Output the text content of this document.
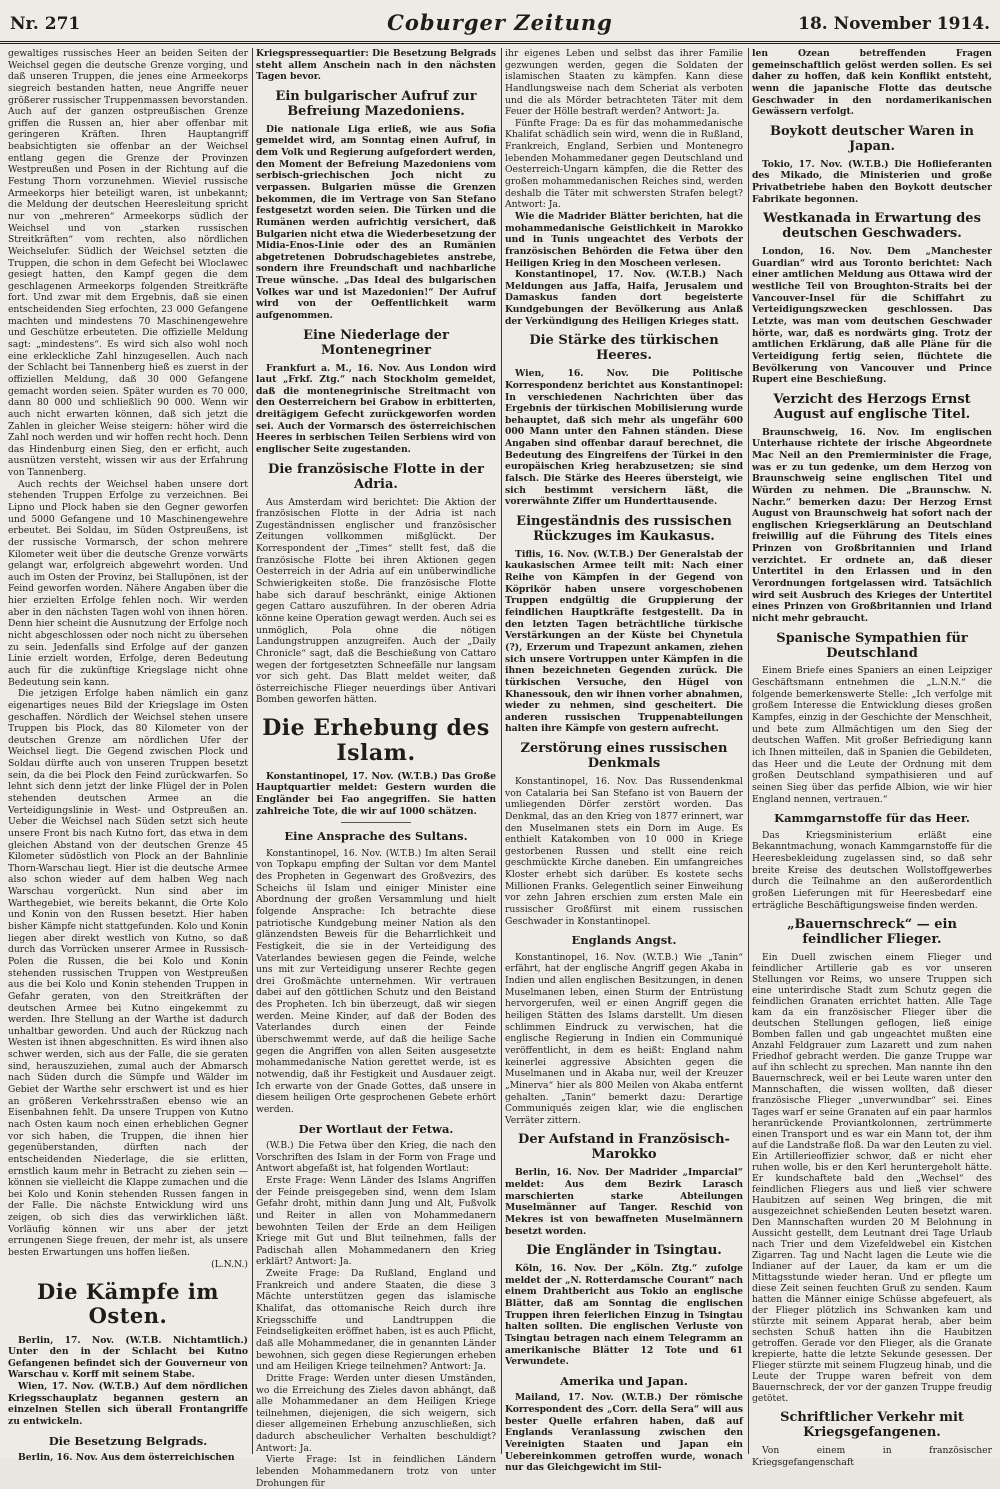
Nr. 271	Coburger Zeitung	18. November 1914.

gewaltiges russisches Heer an beiden Seiten der Weichsel gegen die deutsche Grenze vorging, und daß unseren Truppen, die jenes eine Armeekorps siegreich bestanden hatten, neue Angriffe neuer größerer russischer Truppenmassen bevorstanden. Auch auf der ganzen ostpreußischen Grenze griffen die Russen an, hier aber offenbar mit geringeren Kräften. Ihren Hauptangriff beabsichtigten sie offenbar an der Weichsel entlang gegen die Grenze der Provinzen Westpreußen und Posen in der Richtung auf die Festung Thorn vorzunehmen. Wieviel russische Armeekorps hier beteiligt waren, ist unbekannt; die Meldung der deutschen Heeresleitung spricht nur von „mehreren“ Armeekorps südlich der Weichsel und von „starken russischen Streitkräften“ vom rechten, also nördlichen Weichselufer. Südlich der Weichsel setzten die Truppen, die schon in dem Gefecht bei Wloclawec gesiegt hatten, den Kampf gegen die dem geschlagenen Armeekorps folgenden Streitkräfte fort. Und zwar mit dem Ergebnis, daß sie einen entscheidenden Sieg erfochten, 23 000 Gefangene machten und mindestens 70 Maschinengewehre und Geschütze erbeuteten. Die offizielle Meldung sagt: „mindestens“. Es wird sich also wohl noch eine erkleckliche Zahl hinzugesellen. Auch nach der Schlacht bei Tannenberg hieß es zuerst in der offiziellen Meldung, daß 30 000 Gefangene gemacht worden seien. Später wurden es 70 000, dann 80 000 und schließlich 90 000. Wenn wir auch nicht erwarten können, daß sich jetzt die Zahlen in gleicher Weise steigern: höher wird die Zahl noch werden und wir hoffen recht hoch. Denn das Hindenburg einen Sieg, den er erficht, auch ausnützen versteht, wissen wir aus der Erfahrung von Tannenberg.

Auch rechts der Weichsel haben unsere dort stehenden Truppen Erfolge zu verzeichnen. Bei Lipno und Plock haben sie den Gegner geworfen und 5000 Gefangene und 10 Maschinengewehre erbeutet. Bei Soldau, im Süden Ostpreußens, ist der russische Vormarsch, der schon mehrere Kilometer weit über die deutsche Grenze vorwärts gelangt war, erfolgreich abgewehrt worden. Und auch im Osten der Provinz, bei Stallupönen, ist der Feind geworfen worden. Nähere Angaben über die hier erzielten Erfolge fehlen noch. Wir werden aber in den nächsten Tagen wohl von ihnen hören. Denn hier scheint die Ausnutzung der Erfolge noch nicht abgeschlossen oder noch nicht zu übersehen zu sein. Jedenfalls sind Erfolge auf der ganzen Linie erzielt worden, Erfolge, deren Bedeutung auch für die zukünftige Kriegslage nicht ohne Bedeutung sein kann.

Die jetzigen Erfolge haben nämlich ein ganz eigenartiges neues Bild der Kriegslage im Osten geschaffen. Nördlich der Weichsel stehen unsere Truppen bis Plock, das 80 Kilometer von der deutschen Grenze am nördlichen Ufer der Weichsel liegt. Die Gegend zwischen Plock und Soldau dürfte auch von unseren Truppen besetzt sein, da die bei Plock den Feind zurückwarfen. So lehnt sich denn jetzt der linke Flügel der in Polen stehenden deutschen Armee an die Verteidigungslinie in West- und Ostpreußen an. Ueber die Weichsel nach Süden setzt sich heute unsere Front bis nach Kutno fort, das etwa in dem gleichen Abstand von der deutschen Grenze 45 Kilometer südöstlich von Plock an der Bahnlinie Thorn-Warschau liegt. Hier ist die deutsche Armee also schon wieder auf dem halben Weg nach Warschau vorgerückt. Nun sind aber im Warthegebiet, wie bereits bekannt, die Orte Kolo und Konin von den Russen besetzt. Hier haben bisher Kämpfe nicht stattgefunden. Kolo und Konin liegen aber direkt westlich von Kutno, so daß durch das Vorrücken unserer Armee in Russisch-Polen die Russen, die bei Kolo und Konin stehenden russischen Truppen von Westpreußen aus die bei Kolo und Konin stehenden Truppen in Gefahr geraten, von den Streitkräften der deutschen Armee bei Kutno eingekemmt zu werden. Ihre Stellung an der Warthe ist dadurch unhaltbar geworden. Und auch der Rückzug nach Westen ist ihnen abgeschnitten. Es wird ihnen also schwer werden, sich aus der Falle, die sie geraten sind, herauszuziehen, zumal auch der Abmarsch nach Süden durch die Sümpfe und Wälder im Gebiet der Warthe sehr erschwert ist und es hier an größeren Verkehrsstraßen ebenso wie an Eisenbahnen fehlt. Da unsere Truppen von Kutno nach Osten kaum noch einen erheblichen Gegner vor sich haben, die Truppen, die ihnen hier gegenüberstanden, dürften nach der entscheidenden Niederlage, die sie erlitten, ernstlich kaum mehr in Betracht zu ziehen sein — können sie vielleicht die Klappe zumachen und die bei Kolo und Konin stehenden Russen fangen in der Falle. Die nächste Entwicklung wird uns zeigen, ob sich dies das verwirklichen läßt. Vorläufig können wir uns aber der jetzt errungenen Siege freuen, der mehr ist, als unsere besten Erwartungen uns hoffen ließen.

(L.N.N.)

Die Kämpfe im Osten.

Berlin, 17. Nov. (W.T.B. Nichtamtlich.) Unter den in der Schlacht bei Kutno Gefangenen befindet sich der Gouverneur von Warschau v. Korff mit seinem Stabe.

Wien, 17. Nov. (W.T.B.) Auf dem nördlichen Kriegsschauplatz begannen gestern an einzelnen Stellen sich überall Frontangriffe zu entwickeln.

Die Besetzung Belgrads.

Berlin, 16. Nov. Aus dem österreichischen

Kriegspressequartier: Die Besetzung Belgrads steht allem Anschein nach in den nächsten Tagen bevor.

Ein bulgarischer Aufruf zur Befreiung Mazedoniens.

Die nationale Liga erließ, wie aus Sofia gemeldet wird, am Sonntag einen Aufruf, in dem Volk und Regierung aufgefordert werden, den Moment der Befreiung Mazedoniens vom serbisch-griechischen Joch nicht zu verpassen. Bulgarien müsse die Grenzen bekommen, die im Vertrage von San Stefano festgesetzt worden seien. Die Türken und die Rumänen werden aufrichtig versichert, daß Bulgarien nicht etwa die Wiederbesetzung der Midia-Enos-Linie oder des an Rumänien abgetretenen Dobrudschagebietes anstrebe, sondern ihre Freundschaft und nachbarliche Treue wünsche. „Das Ideal des bulgarischen Volkes war und ist Mazedonien!“ Der Aufruf wird von der Oeffentlichkeit warm aufgenommen.

Eine Niederlage der Montenegriner

Frankfurt a. M., 16. Nov. Aus London wird laut „Frkf. Ztg.“ nach Stockholm gemeldet, daß die montenegrinische Streitmacht von den Oesterreichern bei Grabow in erbitterten, dreitägigem Gefecht zurückgeworfen worden sei. Auch der Vormarsch des österreichischen Heeres in serbischen Teilen Serbiens wird von englischer Seite zugestanden.

Die französische Flotte in der Adria.

Aus Amsterdam wird berichtet: Die Aktion der französischen Flotte in der Adria ist nach Zugeständnissen englischer und französischer Zeitungen vollkommen mißglückt. Der Korrespondent der „Times“ stellt fest, daß die französische Flotte bei ihren Aktionen gegen Oesterreich in der Adria auf ein unüberwindliche Schwierigkeiten stoße. Die französische Flotte habe sich darauf beschränkt, einige Aktionen gegen Cattaro auszuführen. In der oberen Adria könne keine Operation gewagt werden. Auch sei es unmöglich, Pola ohne die nötigen Landungstruppen anzugreifen. Auch der „Daily Chronicle“ sagt, daß die Beschießung von Cattaro wegen der fortgesetzten Schneefälle nur langsam vor sich geht. Das Blatt meldet weiter, daß österreichische Flieger neuerdings über Antivari Bomben geworfen hätten.

Die Erhebung des Islam.

Konstantinopel, 17. Nov. (W.T.B.) Das Große Hauptquartier meldet: Gestern wurden die Engländer bei Fao angegriffen. Sie hatten zahlreiche Tote, die wir auf 1000 schätzen.

Eine Ansprache des Sultans.

Konstantinopel, 16. Nov. (W.T.B.) Im alten Serail von Topkapu empfing der Sultan vor dem Mantel des Propheten in Gegenwart des Großvezirs, des Scheichs ül Islam und einiger Minister eine Abordnung der großen Versammlung und hielt folgende Ansprache: Ich betrachte diese patriotische Kundgebung meiner Nation als den glänzendsten Beweis für die Beharrlichkeit und Festigkeit, die sie in der Verteidigung des Vaterlandes bewiesen gegen die Feinde, welche uns mit zur Verteidigung unserer Rechte gegen drei Großmächte unternehmen. Wir vertrauen dabei auf den göttlichen Schutz und den Beistand des Propheten. Ich bin überzeugt, daß wir siegen werden. Meine Kinder, auf daß der Boden des Vaterlandes durch einen der Feinde überschwemmt werde, auf daß die heilige Sache gegen die Angriffen von allen Seiten ausgesetzte mohammedanische Nation gerettet werde, ist es notwendig, daß ihr Festigkeit und Ausdauer zeigt. Ich erwarte von der Gnade Gottes, daß unsere in diesem heiligen Orte gesprochenen Gebete erhört werden.

Der Wortlaut der Fetwa.

(W.B.) Die Fetwa über den Krieg, die nach den Vorschriften des Islam in der Form von Frage und Antwort abgefaßt ist, hat folgenden Wortlaut:

Erste Frage: Wenn Länder des Islams Angriffen der Feinde preisgegeben sind, wenn dem Islam Gefahr droht, mithin dann Jung und Alt, Fußvolk und Reiter in allen von Mohammedanern bewohnten Teilen der Erde an dem Heiligen Kriege mit Gut und Blut teilnehmen, falls der Padischah allen Mohammedanern den Krieg erklärt? Antwort: Ja.

Zweite Frage: Da Rußland, England und Frankreich und andere Staaten, die diese 3 Mächte unterstützen gegen das islamische Khalifat, das ottomanische Reich durch ihre Kriegsschiffe und Landtruppen die Feindseligkeiten eröffnet haben, ist es auch Pflicht, daß alle Mohammedaner, die in genannten Länder bewohnen, sich gegen diese Regierungen erheben und am Heiligen Kriege teilnehmen? Antwort: Ja.

Dritte Frage: Werden unter diesen Umständen, wo die Erreichung des Zieles davon abhängt, daß alle Mohammedaner an dem Heiligen Kriege teilnehmen, diejenigen, die sich weigern, sich dieser allgemeinen Erhebung anzuschließen, sich dadurch abscheulicher Verhalten beschuldigt? Antwort: Ja.

Vierte Frage: Ist in feindlichen Ländern lebenden Mohammedanern trotz von unter Drohungen für

ihr eigenes Leben und selbst das ihrer Familie gezwungen werden, gegen die Soldaten der islamischen Staaten zu kämpfen. Kann diese Handlungsweise nach dem Scheriat als verboten und die als Mörder betrachteten Täter mit dem Feuer der Hölle bestraft werden? Antwort: Ja.

Fünfte Frage: Da es für das mohammedanische Khalifat schädlich sein wird, wenn die in Rußland, Frankreich, England, Serbien und Montenegro lebenden Mohammedaner gegen Deutschland und Oesterreich-Ungarn kämpfen, die die Retter des großen mohammedanischen Reiches sind, werden deshalb die Täter mit schwersten Strafen belegt? Antwort: Ja.

Wie die Madrider Blätter berichten, hat die mohammedanische Geistlichkeit in Marokko und in Tunis ungeachtet des Verbots der französischen Behörden die Fetwa über den Heiligen Krieg in den Moscheen verlesen.

Konstantinopel, 17. Nov. (W.T.B.) Nach Meldungen aus Jaffa, Haifa, Jerusalem und Damaskus fanden dort begeisterte Kundgebungen der Bevölkerung aus Anlaß der Verkündigung des Heiligen Krieges statt.

Die Stärke des türkischen Heeres.

Wien, 16. Nov. Die Politische Korrespondenz berichtet aus Konstantinopel: In verschiedenen Nachrichten über das Ergebnis der türkischen Mobilisierung wurde behauptet, daß sich mehr als ungefähr 600 000 Mann unter den Fahnen ständen. Diese Angaben sind offenbar darauf berechnet, die Bedeutung des Eingreifens der Türkei in den europäischen Krieg herabzusetzen; sie sind falsch. Die Stärke des Heeres übersteigt, wie sich bestimmt versichern läßt, die vorerwähnte Ziffer um Hunderttausende.

Eingeständnis des russischen Rückzuges im Kaukasus.

Tiflis, 16. Nov. (W.T.B.) Der Generalstab der kaukasischen Armee teilt mit: Nach einer Reihe von Kämpfen in der Gegend von Köprikör haben unsere vorgeschobenen Truppen endgültig die Gruppierung der feindlichen Hauptkräfte festgestellt. Da in den letzten Tagen beträchtliche türkische Verstärkungen an der Küste bei Chynetula (?), Erzerum und Trapezunt ankamen, ziehen sich unsere Vortruppen unter Kämpfen in die ihnen bezeichneten Gegenden zurück. Die türkischen Versuche, den Hügel von Khanessouk, den wir ihnen vorher abnahmen, wieder zu nehmen, sind gescheitert. Die anderen russischen Truppenabteilungen halten ihre Kämpfe von gestern aufrecht.

Zerstörung eines russischen Denkmals

Konstantinopel, 16. Nov. Das Russendenkmal von Catalaria bei San Stefano ist von Bauern der umliegenden Dörfer zerstört worden. Das Denkmal, das an den Krieg von 1877 erinnert, war den Muselmanen stets ein Dorn im Auge. Es enthielt Katakomben von 10 000 in Kriege gestorbenen Russen und stellt eine reich geschmückte Kirche daneben. Ein umfangreiches Kloster erhebt sich darüber. Es kostete sechs Millionen Franks. Gelegentlich seiner Einweihung vor zehn Jahren erschien zum ersten Male ein russischer Großfürst mit einem russischen Geschwader in Konstantinopel.

Englands Angst.

Konstantinopel, 16. Nov. (W.T.B.) Wie „Tanin“ erfährt, hat der englische Angriff gegen Akaba in Indien und allen englischen Besitzungen, in denen Muselmanen leben, einen Sturm der Entrüstung hervorgerufen, weil er einen Angriff gegen die heiligen Stätten des Islams darstellt. Um diesen schlimmen Eindruck zu verwischen, hat die englische Regierung in Indien ein Communiqué veröffentlicht, in dem es heißt: England nahm keinerlei aggressive Absichten gegen die Muselmanen und in Akaba nur, weil der Kreuzer „Minerva“ hier als 800 Meilen von Akaba entfernt gehalten. „Tanin“ bemerkt dazu: Derartige Communiqués zeigen klar, wie die englischen Verräter zittern.

Der Aufstand in Französisch-Marokko

Berlin, 16. Nov. Der Madrider „Imparcial“ meldet: Aus dem Bezirk Larasch marschierten starke Abteilungen Muselmänner auf Tanger. Reschid von Mekres ist von bewaffneten Muselmännern besetzt worden.

Die Engländer in Tsingtau.

Köln, 16. Nov. Der „Köln. Ztg.“ zufolge meldet der „N. Rotterdamsche Courant“ nach einem Drahtbericht aus Tokio an englische Blätter, daß am Sonntag die englischen Truppen ihren feierlichen Einzug in Tsingtau halten sollten. Die englischen Verluste von Tsingtau betragen nach einem Telegramm an amerikanische Blätter 12 Tote und 61 Verwundete.

Amerika und Japan.

Mailand, 17. Nov. (W.T.B.) Der römische Korrespondent des „Corr. della Sera“ will aus bester Quelle erfahren haben, daß auf Englands Veranlassung zwischen den Vereinigten Staaten und Japan ein Uebereinkommen getroffen wurde, wonach nur das Gleichgewicht im Stil-

len Ozean betreffenden Fragen gemeinschaftlich gelöst werden sollen. Es sei daher zu hoffen, daß kein Konflikt entsteht, wenn die japanische Flotte das deutsche Geschwader in den nordamerikanischen Gewässern verfolgt.

Boykott deutscher Waren in Japan.

Tokio, 17. Nov. (W.T.B.) Die Hoflieferanten des Mikado, die Ministerien und große Privatbetriebe haben den Boykott deutscher Fabrikate begonnen.

Westkanada in Erwartung des deutschen Geschwaders.

London, 16. Nov. Dem „Manchester Guardian“ wird aus Toronto berichtet: Nach einer amtlichen Meldung aus Ottawa wird der westliche Teil von Broughton-Straits bei der Vancouver-Insel für die Schiffahrt zu Verteidigungszwecken geschlossen. Das Letzte, was man vom deutschen Geschwader hörte, war, daß es nordwärts ging. Trotz der amtlichen Erklärung, daß alle Pläne für die Verteidigung fertig seien, flüchtete die Bevölkerung von Vancouver und Prince Rupert eine Beschießung.

Verzicht des Herzogs Ernst August auf englische Titel.

Braunschweig, 16. Nov. Im englischen Unterhause richtete der irische Abgeordnete Mac Neil an den Premierminister die Frage, was er zu tun gedenke, um dem Herzog von Braunschweig seine englischen Titel und Würden zu nehmen. Die „Braunschw. N. Nachr.“ bemerken dazu: Der Herzog Ernst August von Braunschweig hat sofort nach der englischen Kriegserklärung an Deutschland freiwillig auf die Führung des Titels eines Prinzen von Großbritannien und Irland verzichtet. Er ordnete an, daß dieser Untertitel in den Erlassen und in den Verordnungen fortgelassen wird. Tatsächlich wird seit Ausbruch des Krieges der Untertitel eines Prinzen von Großbritannien und Irland nicht mehr gebraucht.

Spanische Sympathien für Deutschland

Einem Briefe eines Spaniers an einen Leipziger Geschäftsmann entnehmen die „L.N.N.“ die folgende bemerkenswerte Stelle: „Ich verfolge mit großem Interesse die Entwicklung dieses großen Kampfes, einzig in der Geschichte der Menschheit, und bete zum Allmächtigen um den Sieg der deutschen Waffen. Mit großer Befriedigung kann ich Ihnen mitteilen, daß in Spanien die Gebildeten, das Heer und die Leute der Ordnung mit dem großen Deutschland sympathisieren und auf seinen Sieg über das perfide Albion, wie wir hier England nennen, vertrauen.“

Kammgarnstoffe für das Heer.

Das Kriegsministerium erläßt eine Bekanntmachung, wonach Kammgarnstoffe für die Heeresbekleidung zugelassen sind, so daß sehr breite Kreise des deutschen Wollstoffgewerbes durch die Teilnahme an den außerordentlich großen Lieferungen mit für Heeresbedarf eine erträgliche Beschäftigungsweise finden werden.

„Bauernschreck“ — ein feindlicher Flieger.

Ein Duell zwischen einem Flieger und feindlicher Artillerie gab es vor unseren Stellungen vor Reims, wo unsere Truppen sich eine unterirdische Stadt zum Schutz gegen die feindlichen Granaten errichtet hatten. Alle Tage kam da ein französischer Flieger über die deutschen Stellungen geflogen, ließ einige Bomben fallen und gab ungeachtet mußten eine Anzahl Feldgrauer zum Lazarett und zum nahen Friedhof gebracht werden. Die ganze Truppe war auf ihn schlecht zu sprechen. Man nannte ihn den Bauernschreck, weil er bei Leute waren unter den Mannschaften, die wissen wollten, daß dieser französische Flieger „unverwundbar“ sei. Eines Tages warf er seine Granaten auf ein paar harmlos heranrückende Proviantkolonnen, zertrümmerte einen Transport und es war ein Mann tot, der ihm auf die Landstraße floß. Da war den Leuten zu viel. Ein Artillerieoffizier schwor, daß er nicht eher ruhen wolle, bis er den Kerl heruntergeholt hätte. Er kundschaftete bald den „Wechsel“ des feindlichen Fliegers aus und ließ vier schwere Haubitzen auf seinen Weg bringen, die mit ausgezeichnet schießenden Leuten besetzt waren. Den Mannschaften wurden 20 M Belohnung in Aussicht gestellt, dem Leutnant drei Tage Urlaub nach Trier und dem Vizefeldwebel ein Kistchen Zigarren. Tag und Nacht lagen die Leute wie die Indianer auf der Lauer, da kam er um die Mittagsstunde wieder heran. Und er pflegte um diese Zeit seinen feuchten Gruß zu senden. Kaum hatten die Männer einige Schüsse abgefeuert, als der Flieger plötzlich ins Schwanken kam und stürzte mit seinem Apparat herab, aber beim sechsten Schuß hatten ihn die Haubitzen getroffen. Gerade vor den Flieger, als die Granate krepierte, hatte die letzte Sekunde gesessen. Der Flieger stürzte mit seinem Flugzeug hinab, und die Leute der Truppe waren befreit von dem Bauernschreck, der vor der ganzen Truppe freudig getötet.

Schriftlicher Verkehr mit Kriegsgefangenen.

Von einem in französischer Kriegsgefangenschaft
